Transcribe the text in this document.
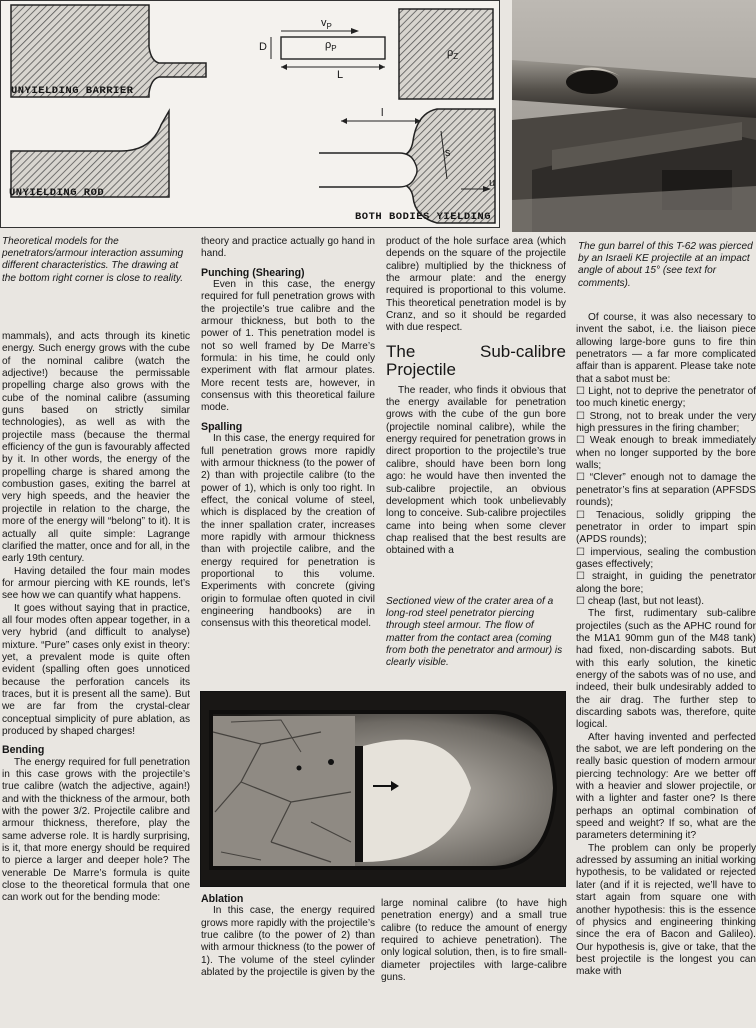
UNYIELDING BARRIER
UNYIELDING ROD
BOTH BODIES YIELDING
$v_P$
D	$\rho_P$
L
$\rho_Z$
l
s
u
Theoretical models for the penetrators/armour interaction assuming different characteristics. The drawing at the bottom right corner is close to reality.
The gun barrel of this T-62 was pierced by an Israeli KE projectile at an impact angle of about 15° (see text for comments).

mammals), and acts through its kinetic energy. Such energy grows with the cube of the nominal calibre (watch the adjective!) because the permissable propelling charge also grows with the cube of the nominal calibre (assuming guns based on strictly similar technologies), as well as with the projectile mass (because the thermal efficiency of the gun is favourably affected by it. In other words, the energy of the propelling charge is shared among the combustion gases, exiting the barrel at very high speeds, and the heavier the projectile in relation to the charge, the more of the energy will “belong” to it). It is actually all quite simple: Lagrange clarified the matter, once and for all, in the early 19th century.

Having detailed the four main modes for armour piercing with KE rounds, let’s see how we can quantify what happens.

It goes without saying that in practice, all four modes often appear together, in a very hybrid (and difficult to analyse) mixture. “Pure” cases only exist in theory: yet, a prevalent mode is quite often evident (spalling often goes unnoticed because the perforation cancels its traces, but it is present all the same). But we are far from the crystal-clear conceptual simplicity of pure ablation, as produced by shaped charges!

Bending

The energy required for full penetration in this case grows with the projectile’s true calibre (watch the adjective, again!) and with the thickness of the armour, both with the power 3/2. Projectile calibre and armour thickness, therefore, play the same adverse role. It is hardly surprising, is it, that more energy should be required to pierce a larger and deeper hole? The venerable De Marre’s formula is quite close to the theoretical formula that one can work out for the bending mode:

theory and practice actually go hand in hand.

Punching (Shearing)

Even in this case, the energy required for full penetration grows with the projectile’s true calibre and the armour thickness, but both to the power of 1. This penetration model is not so well framed by De Marre’s formula: in his time, he could only experiment with flat armour plates. More recent tests are, however, in consensus with this theoretical failure mode.

Spalling

In this case, the energy required for full penetration grows more rapidly with armour thickness (to the power of 2) than with projectile calibre (to the power of 1), which is only too right. In effect, the conical volume of steel, which is displaced by the creation of the inner spallation crater, increases more rapidly with armour thickness than with projectile calibre, and the energy required for penetration is proportional to this volume. Experiments with concrete (giving origin to formulae often quoted in civil engineering handbooks) are in consensus with this theoretical model.

product of the hole surface area (which depends on the square of the projectile calibre) multiplied by the thickness of the armour plate: and the energy required is proportional to this volume. This theoretical penetration model is by Cranz, and so it should be regarded with due respect.

The Sub-calibre Projectile

The reader, who finds it obvious that the energy available for penetration grows with the cube of the gun bore (projectile nominal calibre), while the energy required for penetration grows in direct proportion to the projectile’s true calibre, should have been born long ago: he would have then invented the sub-calibre projectile, an obvious development which took unbelievably long to conceive. Sub-calibre projectiles came into being when some clever chap realised that the best results are obtained with a

Sectioned view of the crater area of a long-rod steel penetrator piercing through steel armour. The flow of matter from the contact area (coming from both the penetrator and armour) is clearly visible.

Ablation

In this case, the energy required grows more rapidly with the projectile’s true calibre (to the power of 2) than with armour thickness (to the power of 1). The volume of the steel cylinder ablated by the projectile is given by the

large nominal calibre (to have high penetration energy) and a small true calibre (to reduce the amount of energy required to achieve penetration). The only logical solution, then, is to fire small-diameter projectiles with large-calibre guns.

Of course, it was also necessary to invent the sabot, i.e. the liaison piece allowing large-bore guns to fire thin penetrators — a far more complicated affair than is apparent. Please take note that a sabot must be:

☐ Light, not to deprive the penetrator of too much kinetic energy;

☐ Strong, not to break under the very high pressures in the firing chamber;

☐ Weak enough to break immediately when no longer supported by the bore walls;

☐ “Clever” enough not to damage the penetrator’s fins at separation (APFSDS rounds);

☐ Tenacious, solidly gripping the penetrator in order to impart spin (APDS rounds);

☐ impervious, sealing the combustion gases effectively;

☐ straight, in guiding the penetrator along the bore;

☐ cheap (last, but not least).

The first, rudimentary sub-calibre projectiles (such as the APHC round for the M1A1 90mm gun of the M48 tank) had fixed, non-discarding sabots. But with this early solution, the kinetic energy of the sabots was of no use, and indeed, their bulk undesirably added to the air drag. The further step to discarding sabots was, therefore, quite logical.

After having invented and perfected the sabot, we are left pondering on the really basic question of modern armour piercing technology: Are we better off with a heavier and slower projectile, or with a lighter and faster one? Is there perhaps an optimal combination of speed and weight? If so, what are the parameters determining it?

The problem can only be properly adressed by assuming an initial working hypothesis, to be validated or rejected later (and if it is rejected, we’ll have to start again from square one with another hypothesis: this is the essence of physics and engineering thinking since the era of Bacon and Galileo). Our hypothesis is, give or take, that the best projectile is the longest you can make with
